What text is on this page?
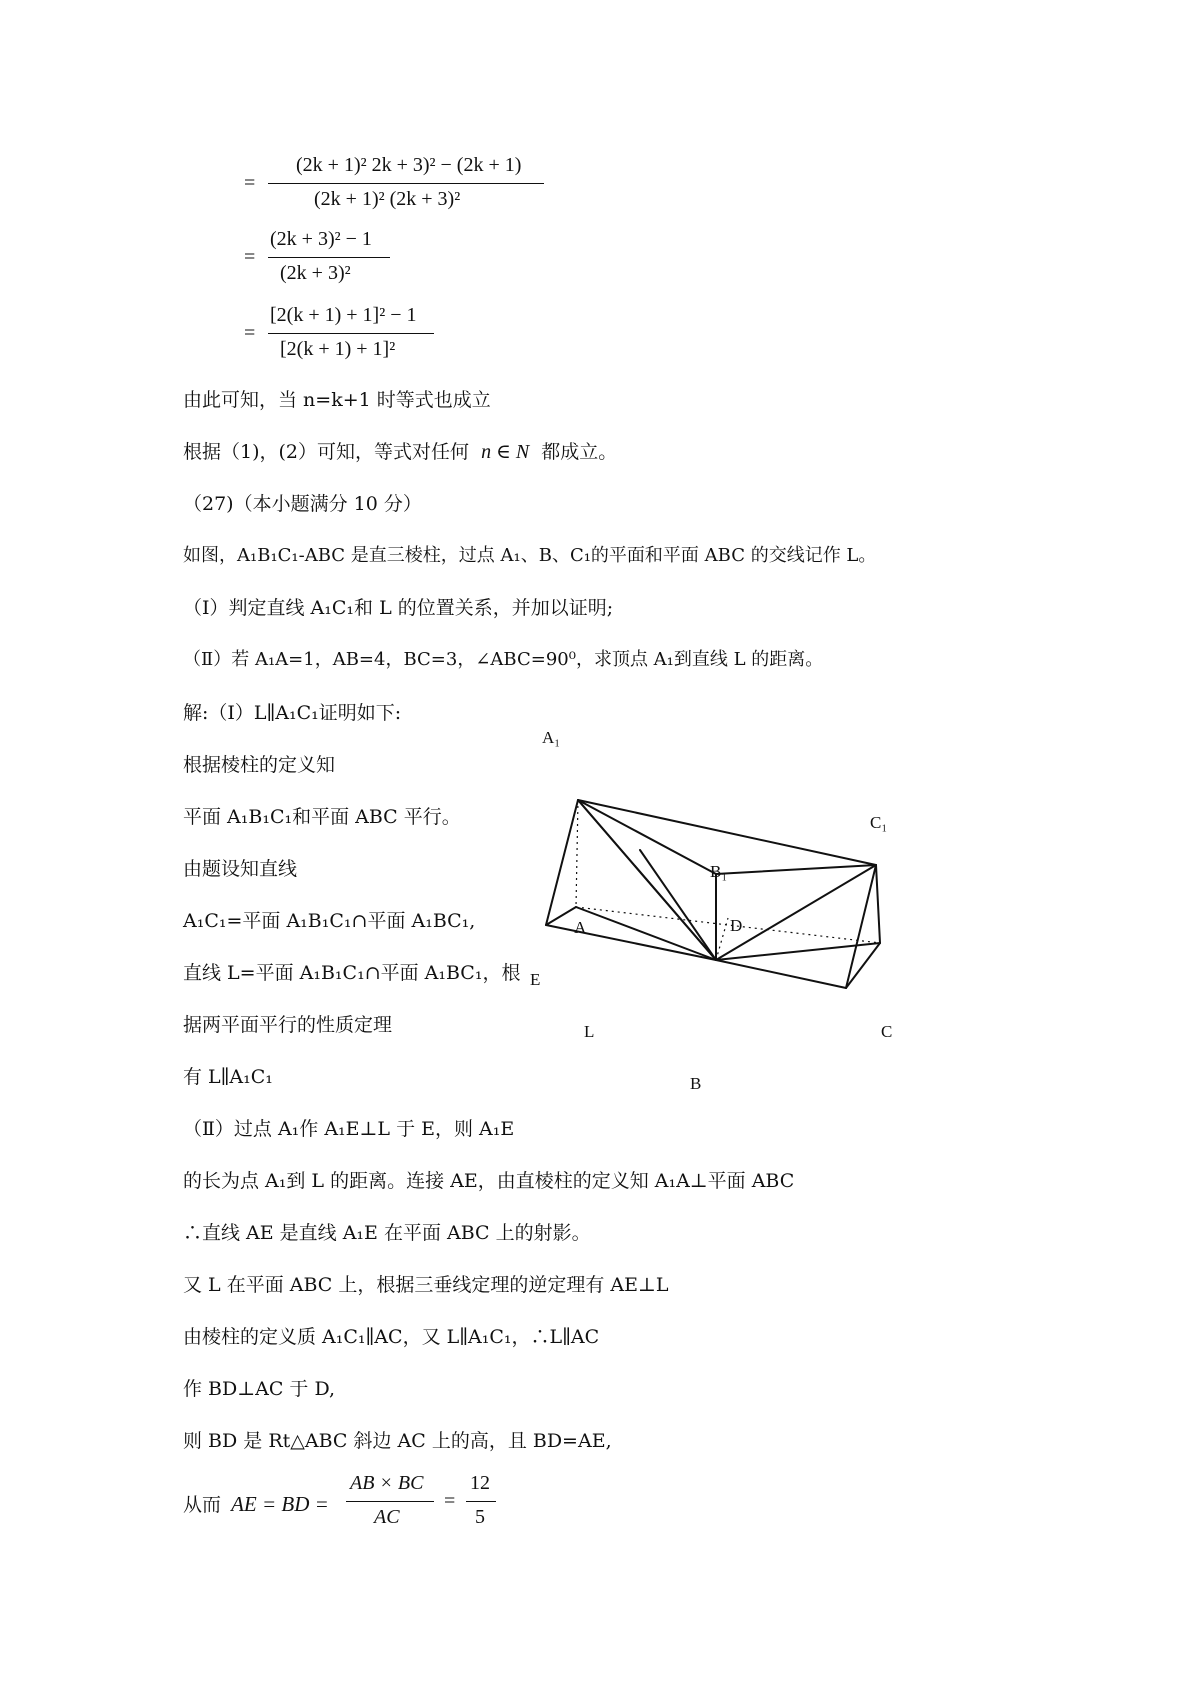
=
(2k + 1)² 2k + 3)² − (2k + 1)
(2k + 1)² (2k + 3)²
=
(2k + 3)² − 1
(2k + 3)²
=
[2(k + 1) + 1]² − 1
[2(k + 1) + 1]²
由此可知，当 n=k+1 时等式也成立
根据（1)，(2）可知，等式对任何 n ∈ N 都成立。
（27)（本小题满分 10 分）
如图，A₁B₁C₁-ABC 是直三棱柱，过点 A₁、B、C₁的平面和平面 ABC 的交线记作 L。
（Ⅰ）判定直线 A₁C₁和 L 的位置关系，并加以证明;
（Ⅱ）若 A₁A=1，AB=4，BC=3，∠ABC=90⁰，求顶点 A₁到直线 L 的距离。
解:（Ⅰ）L∥A₁C₁证明如下:
根据棱柱的定义知
平面 A₁B₁C₁和平面 ABC 平行。
由题设知直线
A₁C₁=平面 A₁B₁C₁∩平面 A₁BC₁,
直线 L=平面 A₁B₁C₁∩平面 A₁BC₁，根
据两平面平行的性质定理
有 L∥A₁C₁
（Ⅱ）过点 A₁作 A₁E⊥L 于 E，则 A₁E
的长为点 A₁到 L 的距离。连接 AE，由直棱柱的定义知 A₁A⊥平面 ABC
∴直线 AE 是直线 A₁E 在平面 ABC 上的射影。
又 L 在平面 ABC 上，根据三垂线定理的逆定理有 AE⊥L
由棱柱的定义质 A₁C₁∥AC，又 L∥A₁C₁，∴L∥AC
作 BD⊥AC 于 D,
则 BD 是 Rt△ABC 斜边 AC 上的高，且 BD=AE,
从而 AE = BD =
AB × BC
AC
=
12
5
A₁
B₁
C₁
A	D
E
L	C
B
